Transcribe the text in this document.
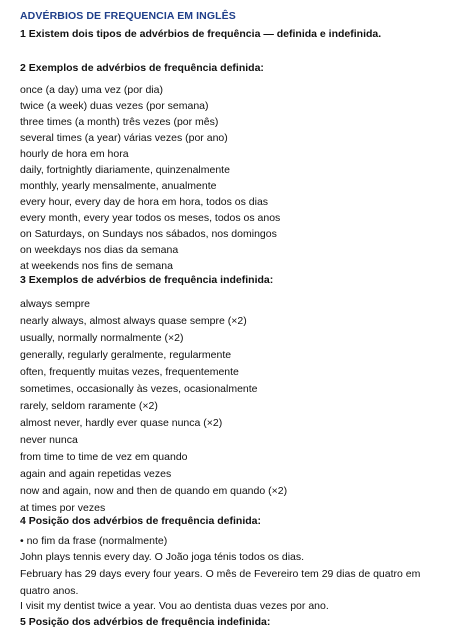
ADVÉRBIOS DE FREQUENCIA EM INGLÊS
1 Existem dois tipos de advérbios de frequência — definida e indefinida.
2 Exemplos de advérbios de frequência definida:
once (a day) uma vez (por dia)
twice (a week) duas vezes (por semana)
three times (a month) três vezes (por mês)
several times (a year) várias vezes (por ano)
hourly de hora em hora
daily, fortnightly diariamente, quinzenalmente
monthly, yearly mensalmente, anualmente
every hour, every day de hora em hora, todos os dias
every month, every year todos os meses, todos os anos
on Saturdays, on Sundays nos sábados, nos domingos
on weekdays nos dias da semana
at weekends nos fins de semana
3 Exemplos de advérbios de frequência indefinida:
always sempre
nearly always, almost always quase sempre (×2)
usually, normally normalmente (×2)
generally, regularly geralmente, regularmente
often, frequently muitas vezes, frequentemente
sometimes, occasionally às vezes, ocasionalmente
rarely, seldom raramente (×2)
almost never, hardly ever quase nunca (×2)
never nunca
from time to time de vez em quando
again and again repetidas vezes
now and again, now and then de quando em quando (×2)
at times por vezes
4 Posição dos advérbios de frequência definida:
• no fim da frase (normalmente)
John plays tennis every day. O João joga ténis todos os dias.
February has 29 days every four years. O mês de Fevereiro tem 29 dias de quatro em quatro anos.
I visit my dentist twice a year. Vou ao dentista duas vezes por ano.
5 Posição dos advérbios de frequência indefinida:
